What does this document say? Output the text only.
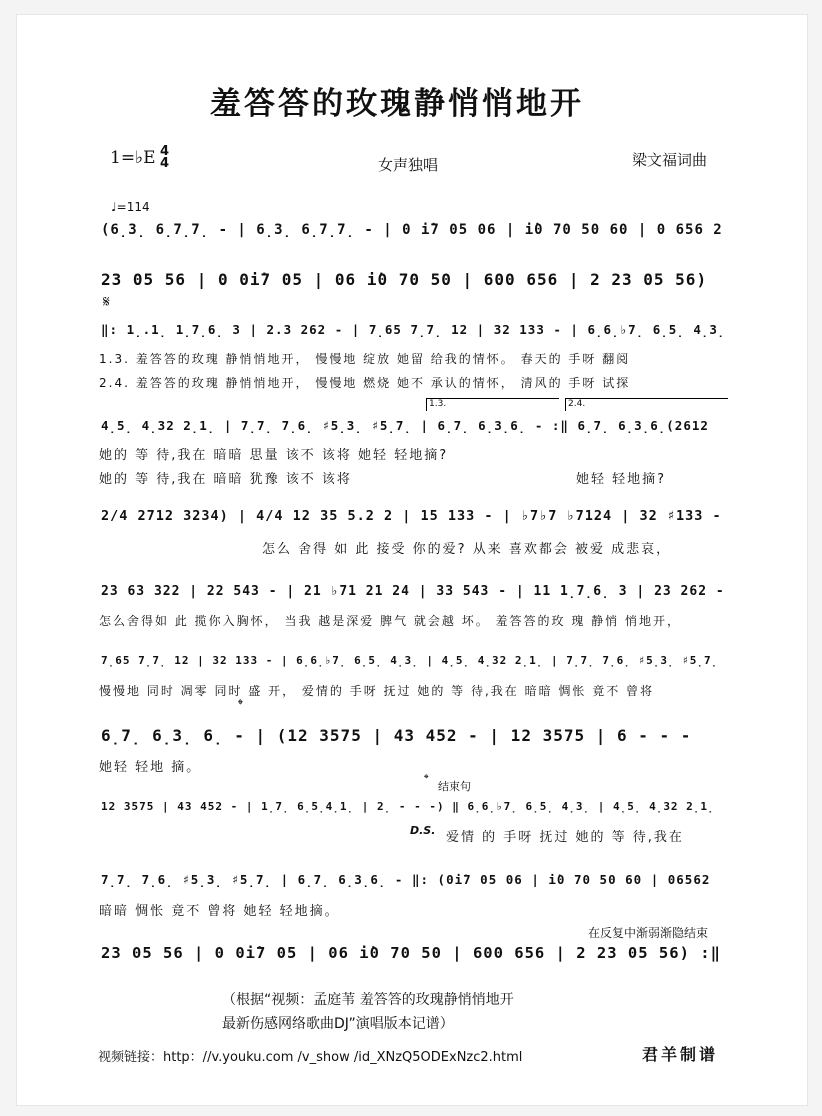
羞答答的玫瑰静悄悄地开
1=♭E 4
4	女声独唱	梁文福词曲
♩=114
(6̣3̣ 6̣7̣7̣ - | 6̣3̣ 6̣7̣7̣ - | 0 i̇7 05 06 | i̇0 70 50 60 | 0 656 2
23 05 56 | 0 0i̇7 05 | 06 i̇0 70 50 | 600 656 | 2 23 05 56)
𝄋
‖: 1̣.1̣ 1̣7̣6̣ 3 | 2.3 262 - | 7̣65 7̣7̣ 12 | 32 133 - | 6̣6̣♭7̣ 6̣5̣ 4̣3̣
1.3. 羞答答的玫瑰 静悄悄地开， 慢慢地 绽放 她留 给我的情怀。 春天的 手呀 翻阅
2.4. 羞答答的玫瑰 静悄悄地开， 慢慢地 燃烧 她不 承认的情怀， 清风的 手呀 试探
1.3.	2.4.
4̣5̣ 4̣32 2̣1̣ | 7̣7̣ 7̣6̣ ♯5̣3̣ ♯5̣7̣ | 6̣7̣ 6̣3̣6̣ - :‖ 6̣7̣ 6̣3̣6̣(2612
她的 等 待,我在 暗暗 思量 该不 该将 她轻 轻地摘?
她的 等 待,我在 暗暗 犹豫 该不 该将	她轻 轻地摘?
2/4 2712 3234) | 4/4 12 35 5.2 2 | 15 133 - | ♭7♭7 ♭7124 | 32 ♯133 -
怎么 舍得 如 此 接受 你的爱? 从来 喜欢都会 被爱 成悲哀，
23 63 322 | 22 543 - | 21 ♭71 21 24 | 33 543 - | 11 1̣7̣6̣ 3 | 23 262 -
怎么舍得如 此 揽你入胸怀， 当我 越是深爱 脾气 就会越 坏。 羞答答的玫 瑰 静悄 悄地开，
7̣65 7̣7̣ 12 | 32 133 - | 6̣6̣♭7̣ 6̣5̣ 4̣3̣ | 4̣5̣ 4̣32 2̣1̣ | 7̣7̣ 7̣6̣ ♯5̣3̣ ♯5̣7̣
慢慢地 同时 凋零 同时 盛 开， 爱情的 手呀 抚过 她的 等 待,我在 暗暗 惆怅 竟不 曾将
𝄌
6̣7̣ 6̣3̣ 6̣ - | (12 3575 | 43 452 - | 12 3575 | 6 - - -
她轻 轻地 摘。
𝄌 结束句
12 3575 | 43 452 - | 1̣7̣ 6̣5̣4̣1̣ | 2̣ - - -) ‖ 6̣6̣♭7̣ 6̣5̣ 4̣3̣ | 4̣5̣ 4̣32 2̣1̣
D.S. 爱情 的 手呀 抚过 她的 等 待,我在
7̣7̣ 7̣6̣ ♯5̣3̣ ♯5̣7̣ | 6̣7̣ 6̣3̣6̣ - ‖: (0i̇7 05 06 | i̇0 70 50 60 | 06562
暗暗 惆怅 竟不 曾将 她轻 轻地摘。
在反复中渐弱渐隐结束
23 05 56 | 0 0i̇7 05 | 06 i̇0 70 50 | 600 656 | 2 23 05 56) :‖
（根据“视频：孟庭苇 羞答答的玫瑰静悄悄地开
最新伤感网络歌曲DJ”演唱版本记谱）
视频链接：http：//v.youku.com /v_show /id_XNzQ5ODExNzc2.html	君羊制谱
